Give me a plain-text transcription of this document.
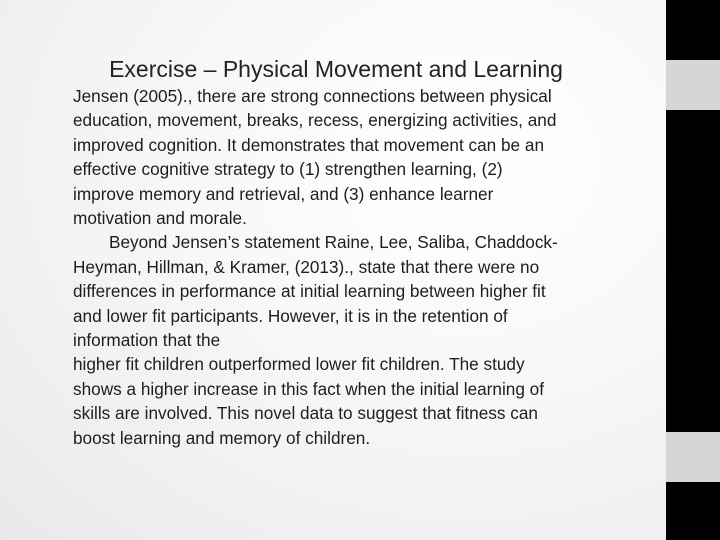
Exercise – Physical Movement and Learning
Jensen (2005)., there are strong connections between physical
education, movement, breaks, recess, energizing activities, and
improved cognition. It demonstrates that movement can be an
effective cognitive strategy to (1) strengthen learning, (2)
improve memory and retrieval, and (3) enhance learner
motivation and morale.
Beyond Jensen’s statement Raine, Lee, Saliba, Chaddock-
Heyman, Hillman, & Kramer, (2013)., state that there were no
differences in performance at initial learning between higher fit
and lower fit participants. However, it is in the retention of
information that the
higher fit children outperformed lower fit children. The study
shows a higher increase in this fact when the initial learning of
skills are involved. This novel data to suggest that fitness can
boost learning and memory of children.
